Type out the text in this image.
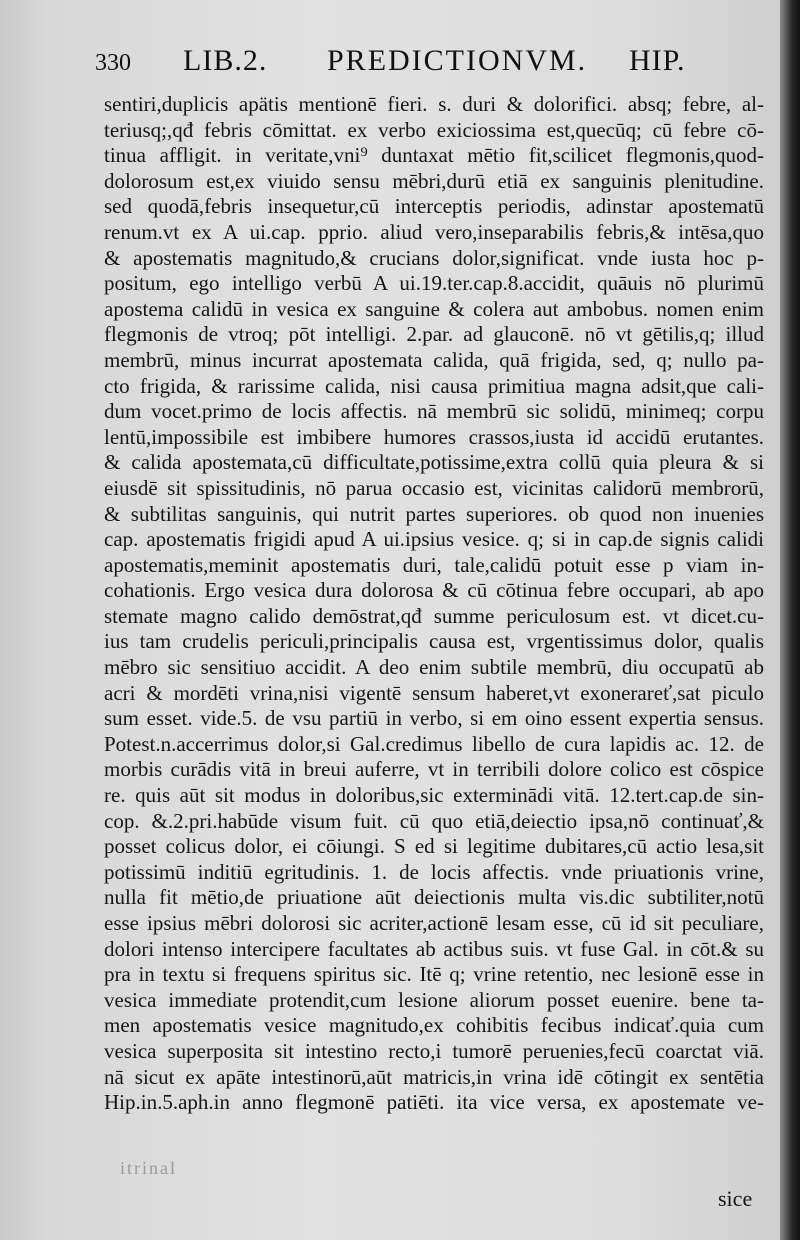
330 LIB.2. PREDICTIONVM. HIP.
sentiri,duplicis apätis mentionē fieri. s. duri & dolorifici. absq; febre, al-
teriusq;,qđ febris cōmittat. ex verbo exiciossima est,quecūq; cū febre cō-
tinua affligit. in veritate,vni⁹ duntaxat mētio fit,scilicet flegmonis,quod-
dolorosum est,ex viuido sensu mēbri,durū etiā ex sanguinis plenitudine.
sed quodā,febris insequetur,cū interceptis periodis, adinstar apostematū
renum.vt ex A ui.cap. pprio. aliud vero,inseparabilis febris,& intēsa,quo
& apostematis magnitudo,& crucians dolor,significat. vnde iusta hoc p-
positum, ego intelligo verbū A ui.19.ter.cap.8.accidit, quāuis nō plurimū
apostema calidū in vesica ex sanguine & colera aut ambobus. nomen enim
flegmonis de vtroq; pōt intelligi. 2.par. ad glauconē. nō vt gētilis,q; illud
membrū, minus incurrat apostemata calida, quā frigida, sed, q; nullo pa-
cto frigida, & rarissime calida, nisi causa primitiua magna adsit,que cali-
dum vocet.primo de locis affectis. nā membrū sic solidū, minimeq; corpu
lentū,impossibile est imbibere humores crassos,iusta id accidū erutantes.
& calida apostemata,cū difficultate,potissime,extra collū quia pleura & si
eiusdē sit spissitudinis, nō parua occasio est, vicinitas calidorū membrorū,
& subtilitas sanguinis, qui nutrit partes superiores. ob quod non inuenies
cap. apostematis frigidi apud A ui.ipsius vesice. q; si in cap.de signis calidi
apostematis,meminit apostematis duri, tale,calidū potuit esse p viam in-
cohationis. Ergo vesica dura dolorosa & cū cōtinua febre occupari, ab apo
stemate magno calido demōstrat,qđ summe periculosum est. vt dicet.cu-
ius tam crudelis periculi,principalis causa est, vrgentissimus dolor, qualis
mēbro sic sensitiuo accidit. A deo enim subtile membrū, diu occupatū ab
acri & mordēti vrina,nisi vigentē sensum haberet,vt exonerareť,sat piculo
sum esset. vide.5. de vsu partiū in verbo, si em oino essent expertia sensus.
Potest.n.accerrimus dolor,si Gal.credimus libello de cura lapidis ac. 12. de
morbis curādis vitā in breui auferre, vt in terribili dolore colico est cōspice
re. quis aūt sit modus in doloribus,sic exterminādi vitā. 12.tert.cap.de sin-
cop. &.2.pri.habūde visum fuit. cū quo etiā,deiectio ipsa,nō continuať,&
posset colicus dolor, ei cōiungi. S ed si legitime dubitares,cū actio lesa,sit
potissimū inditiū egritudinis. 1. de locis affectis. vnde priuationis vrine,
nulla fit mētio,de priuatione aūt deiectionis multa vis.dic subtiliter,notū
esse ipsius mēbri dolorosi sic acriter,actionē lesam esse, cū id sit peculiare,
dolori intenso intercipere facultates ab actibus suis. vt fuse Gal. in cōt.& su
pra in textu si frequens spiritus sic. Itē q; vrine retentio, nec lesionē esse in
vesica immediate protendit,cum lesione aliorum posset euenire. bene ta-
men apostematis vesice magnitudo,ex cohibitis fecibus indicať.quia cum
vesica superposita sit intestino recto,i tumorē peruenies,fecū coarctat viā.
nā sicut ex apāte intestinorū,aūt matricis,in vrina idē cōtingit ex sentētia
Hip.in.5.aph.in anno flegmonē patiēti. ita vice versa, ex apostemate ve-
itrinal
sice
